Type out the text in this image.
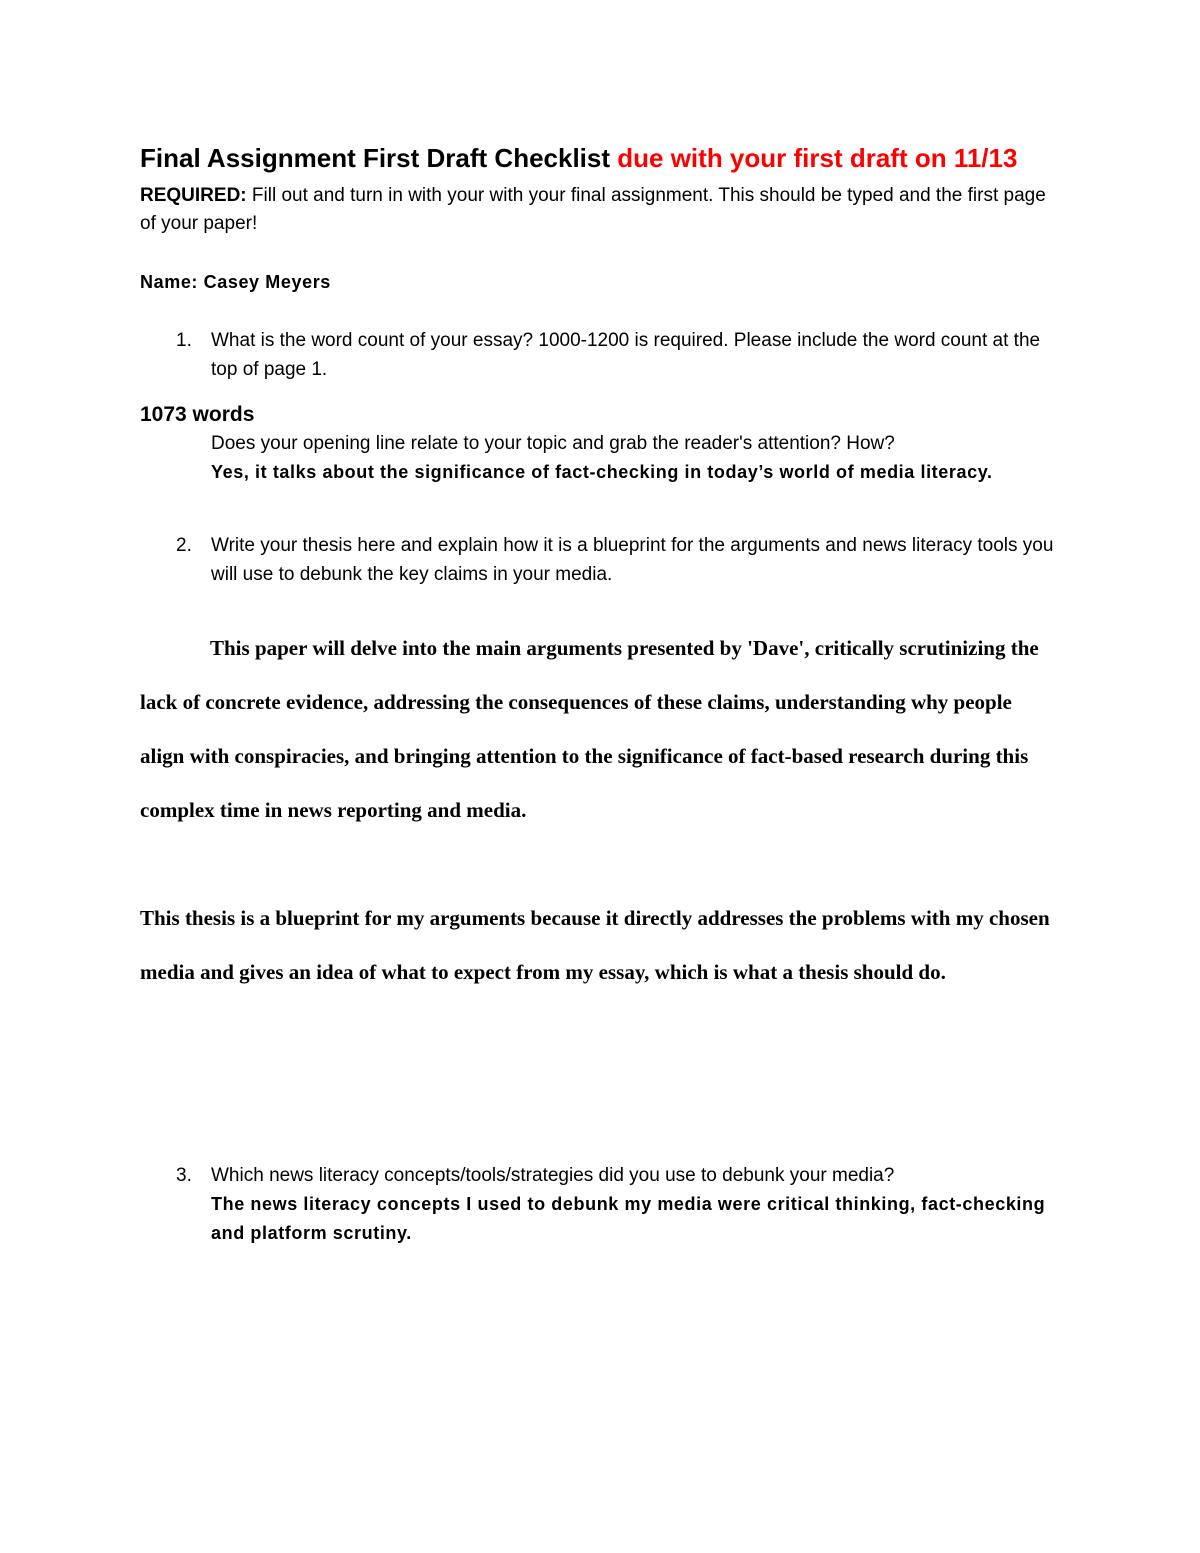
Final Assignment First Draft Checklist due with your first draft on 11/13

REQUIRED: Fill out and turn in with your with your final assignment. This should be typed and the first page of your paper!

Name: Casey Meyers

1. What is the word count of your essay? 1000-1200 is required. Please include the word count at the top of page 1.

1073 words

Does your opening line relate to your topic and grab the reader's attention? How?
Yes, it talks about the significance of fact-checking in today’s world of media literacy.
2. Write your thesis here and explain how it is a blueprint for the arguments and news literacy tools you will use to debunk the key claims in your media.

This paper will delve into the main arguments presented by 'Dave', critically scrutinizing the lack of concrete evidence, addressing the consequences of these claims, understanding why people align with conspiracies, and bringing attention to the significance of fact-based research during this complex time in news reporting and media.

This thesis is a blueprint for my arguments because it directly addresses the problems with my chosen media and gives an idea of what to expect from my essay, which is what a thesis should do.

3. Which news literacy concepts/tools/strategies did you use to debunk your media?
The news literacy concepts I used to debunk my media were critical thinking, fact-checking and platform scrutiny.
